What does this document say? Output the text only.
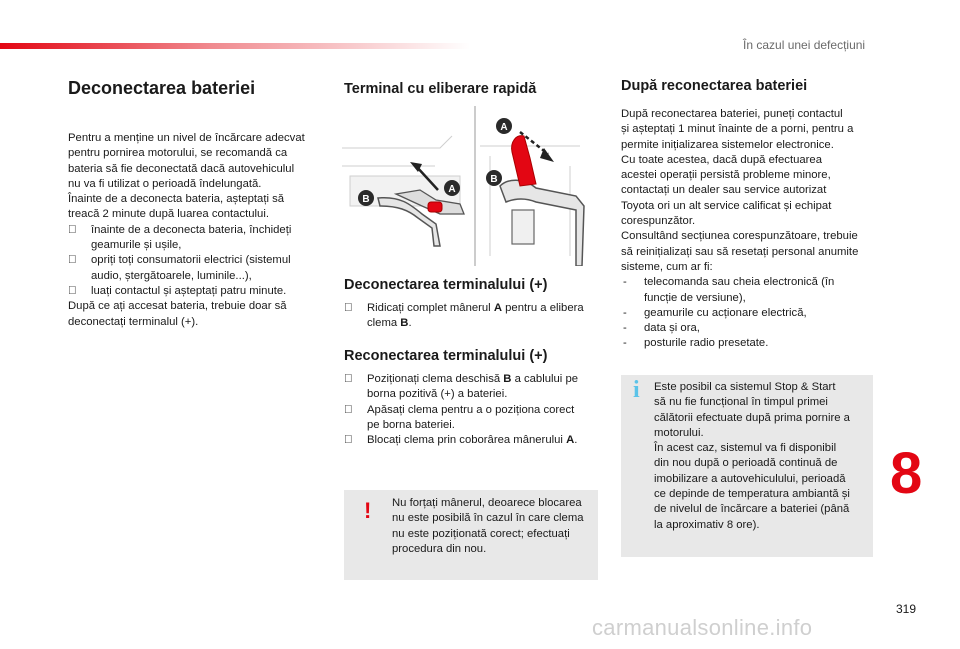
În cazul unei defecțiuni
Deconectarea bateriei
Pentru a menține un nivel de încărcare adecvat
pentru pornirea motorului, se recomandă ca
bateria să fie deconectată dacă autovehiculul
nu va fi utilizat o perioadă îndelungată.
Înainte de a deconecta bateria, așteptați să
treacă 2 minute după luarea contactului.
înainte de a deconecta bateria, închideți
geamurile și ușile,
opriți toți consumatorii electrici (sistemul
audio, ștergătoarele, luminile...),
luați contactul și așteptați patru minute.
După ce ați accesat bateria, trebuie doar să
deconectați terminalul (+).
Terminal cu eliberare rapidă
B
A
A
B
Deconectarea terminalului (+)
Ridicați complet mânerul A pentru a elibera
clema B.
Reconectarea terminalului (+)
Poziționați clema deschisă B a cablului pe
borna pozitivă (+) a bateriei.
Apăsați clema pentru a o poziționa corect
pe borna bateriei.
Blocați clema prin coborârea mânerului A.
! Nu forțați mânerul, deoarece blocarea
nu este posibilă în cazul în care clema
nu este poziționată corect; efectuați
procedura din nou.
După reconectarea bateriei
După reconectarea bateriei, puneți contactul
și așteptați 1 minut înainte de a porni, pentru a
permite inițializarea sistemelor electronice.
Cu toate acestea, dacă după efectuarea
acestei operații persistă probleme minore,
contactați un dealer sau service autorizat
Toyota ori un alt service calificat și echipat
corespunzător.
Consultând secțiunea corespunzătoare, trebuie
să reinițializați sau să resetați personal anumite
sisteme, cum ar fi:
- telecomanda sau cheia electronică (în
funcție de versiune),
- geamurile cu acționare electrică,
- data și ora,
- posturile radio presetate.
i Este posibil ca sistemul Stop & Start
să nu fie funcțional în timpul primei
călătorii efectuate după prima pornire a
motorului.
În acest caz, sistemul va fi disponibil
din nou după o perioadă continuă de
imobilizare a autovehiculului, perioadă
ce depinde de temperatura ambiantă și
de nivelul de încărcare a bateriei (până
la aproximativ 8 ore).
8
319
carmanualsonline.info
